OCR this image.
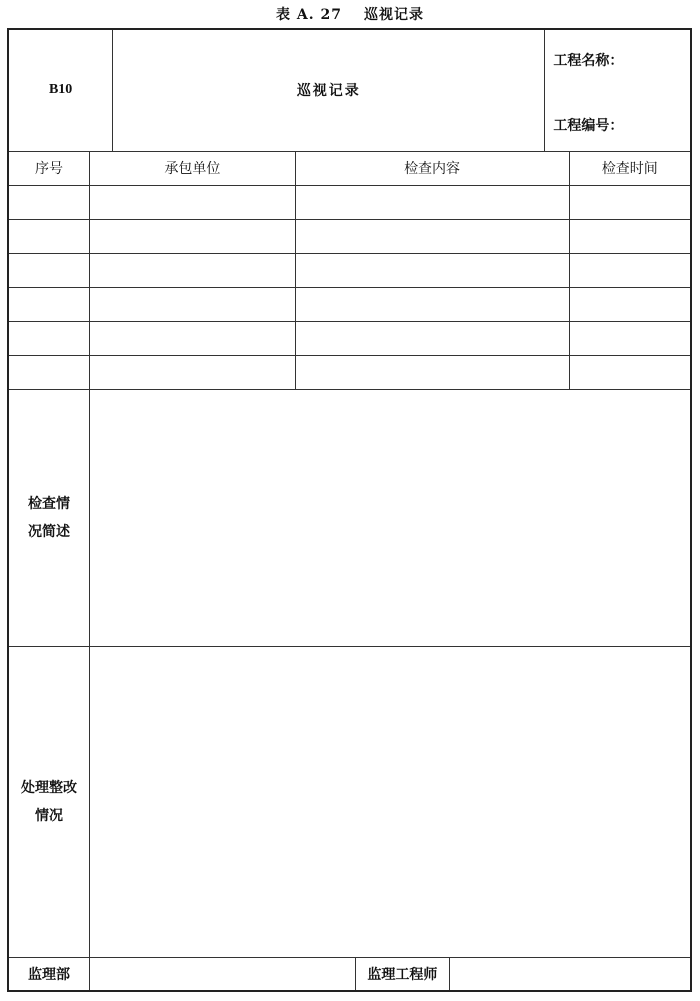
表 A. 27 巡视记录
B10		巡视记录				工程名称：
工程编号：	

序号	承包单位		检查内容				检查时间

检查情
况简述							

处理整改
情况							

监理部				监理工程师			
